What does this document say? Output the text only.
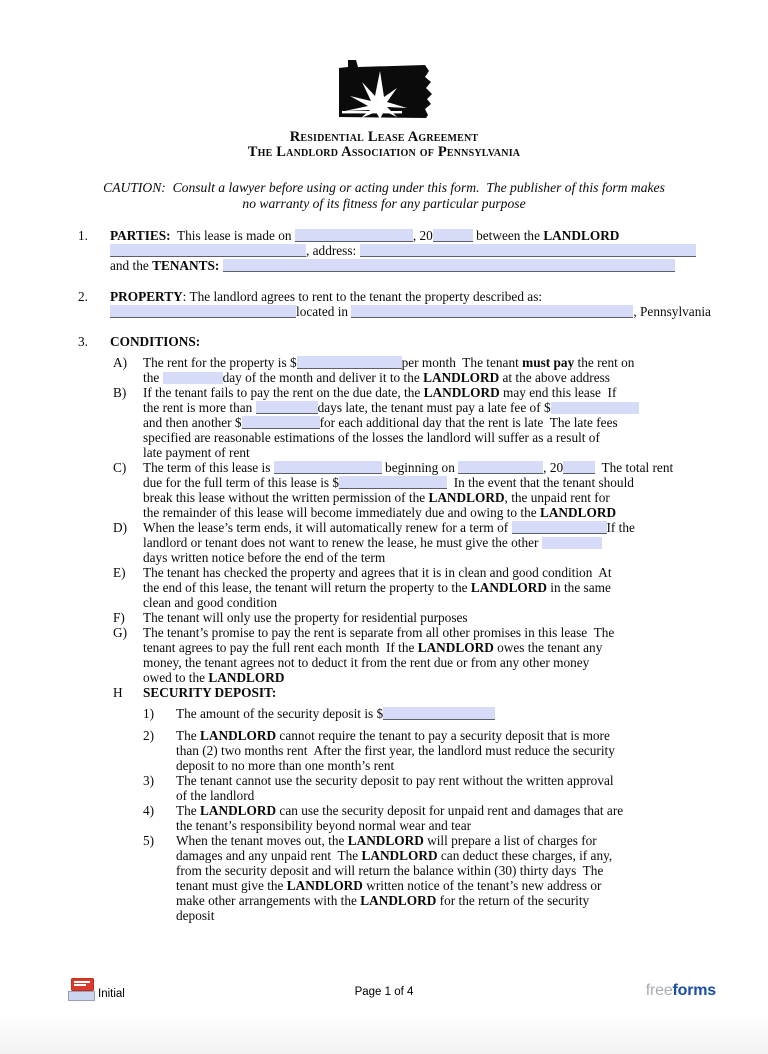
Residential Lease Agreement
The Landlord Association of Pennsylvania
CAUTION:  Consult a lawyer before using or acting under this form.  The publisher of this form makes
no warranty of its fitness for any particular purpose
1. PARTIES:  This lease is made on	, 20	between the LANDLORD
, address:
and the TENANTS:
2. PROPERTY: The landlord agrees to rent to the tenant the property described as:
located in	, Pennsylvania
3. CONDITIONS:
A) The rent for the property is $	per month  The tenant must pay the rent on
the	day of the month and deliver it to the LANDLORD at the above address
B) If the tenant fails to pay the rent on the due date, the LANDLORD may end this lease  If
the rent is more than	days late, the tenant must pay a late fee of $
and then another $	for each additional day that the rent is late  The late fees
specified are reasonable estimations of the losses the landlord will suffer as a result of
late payment of rent
C) The term of this lease is	beginning on	, 20  The total rent
due for the full term of this lease is $	In the event that the tenant should
break this lease without the written permission of the LANDLORD, the unpaid rent for
the remainder of this lease will become immediately due and owing to the LANDLORD
D) When the lease’s term ends, it will automatically renew for a term of	If the
landlord or tenant does not want to renew the lease, he must give the other
days written notice before the end of the term
E) The tenant has checked the property and agrees that it is in clean and good condition  At
the end of this lease, the tenant will return the property to the LANDLORD in the same
clean and good condition
F) The tenant will only use the property for residential purposes
G) The tenant’s promise to pay the rent is separate from all other promises in this lease  The
tenant agrees to pay the full rent each month  If the LANDLORD owes the tenant any
money, the tenant agrees not to deduct it from the rent due or from any other money
owed to the LANDLORD
H SECURITY DEPOSIT:
1) The amount of the security deposit is $
2) The LANDLORD cannot require the tenant to pay a security deposit that is more
than (2) two months rent  After the first year, the landlord must reduce the security
deposit to no more than one month’s rent
3) The tenant cannot use the security deposit to pay rent without the written approval
of the landlord
4) The LANDLORD can use the security deposit for unpaid rent and damages that are
the tenant’s responsibility beyond normal wear and tear
5) When the tenant moves out, the LANDLORD will prepare a list of charges for
damages and any unpaid rent  The LANDLORD can deduct these charges, if any,
from the security deposit and will return the balance within (30) thirty days  The
tenant must give the LANDLORD written notice of the tenant’s new address or
make other arrangements with the LANDLORD for the return of the security
deposit
Initial	Page 1 of 4	freeforms
